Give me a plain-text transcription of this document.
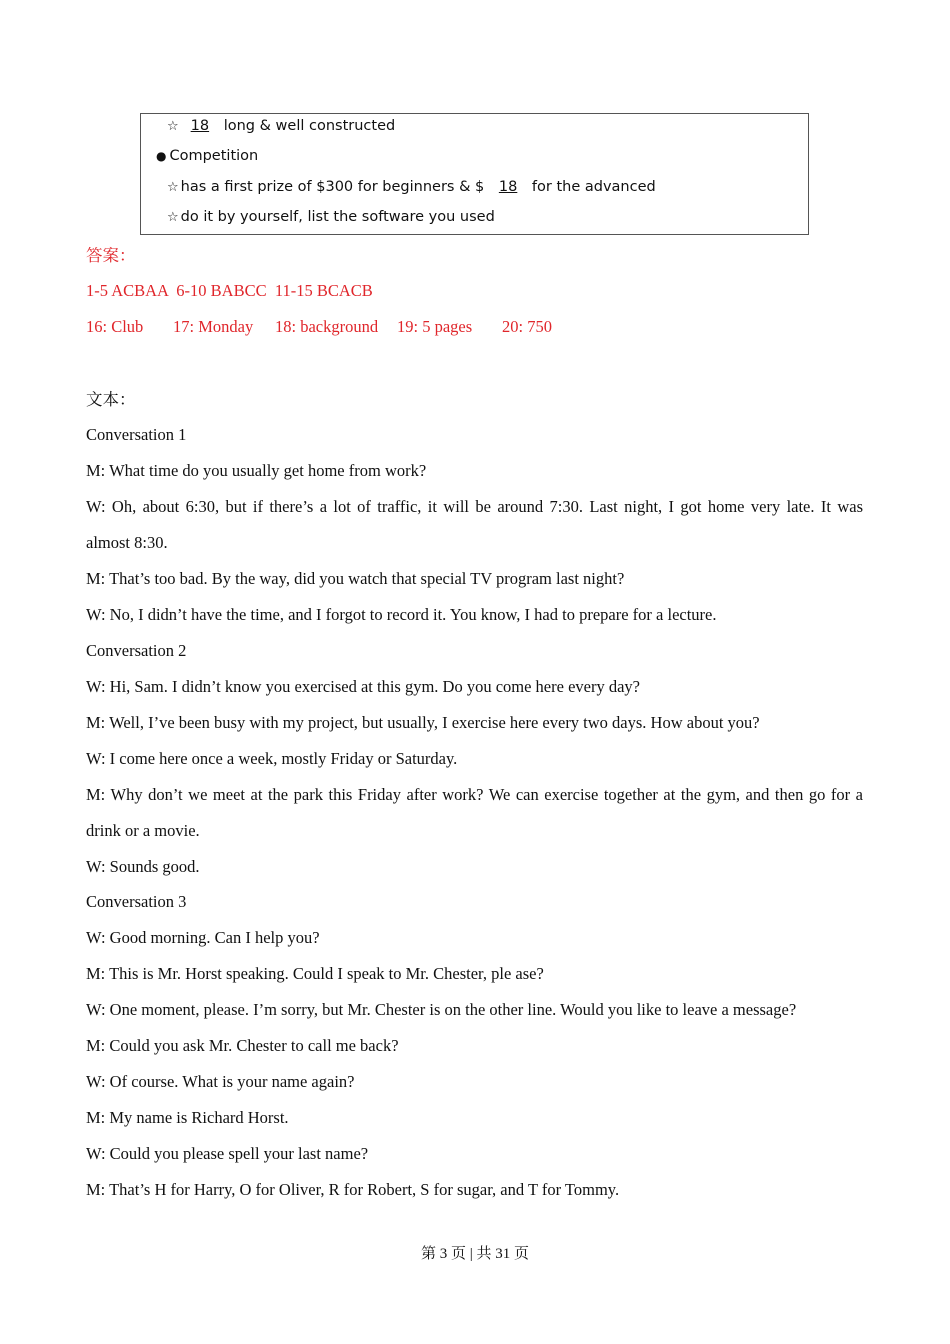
☆ 18 long & well constructed
● Competition
☆ has a first prize of $300 for beginners & $ 18 for the advanced
☆ do it by yourself, list the software you used
答案：
1-5 ACBAA  6-10 BABCC  11-15 BCACB
16: Club 17: Monday 18: background 19: 5 pages 20: 750
文本：
Conversation 1
M: What time do you usually get home from work?
W: Oh, about 6:30, but if there’s a lot of traffic, it will be around 7:30. Last night, I got home very late. It was
almost 8:30.
M: That’s too bad. By the way, did you watch that special TV program last night?
W: No, I didn’t have the time, and I forgot to record it. You know, I had to prepare for a lecture.
Conversation 2
W: Hi, Sam. I didn’t know you exercised at this gym. Do you come here every day?
M: Well, I’ve been busy with my project, but usually, I exercise here every two days. How about you?
W: I come here once a week, mostly Friday or Saturday.
M: Why don’t we meet at the park this Friday after work? We can exercise together at the gym, and then go for a
drink or a movie.
W: Sounds good.
Conversation 3
W: Good morning. Can I help you?
M: This is Mr. Horst speaking. Could I speak to Mr. Chester, ple ase?
W: One moment, please. I’m sorry, but Mr. Chester is on the other line. Would you like to leave a message?
M: Could you ask Mr. Chester to call me back?
W: Of course. What is your name again?
M: My name is Richard Horst.
W: Could you please spell your last name?
M: That’s H for Harry, O for Oliver, R for Robert, S for sugar, and T for Tommy.
第 3 页 | 共 31 页
